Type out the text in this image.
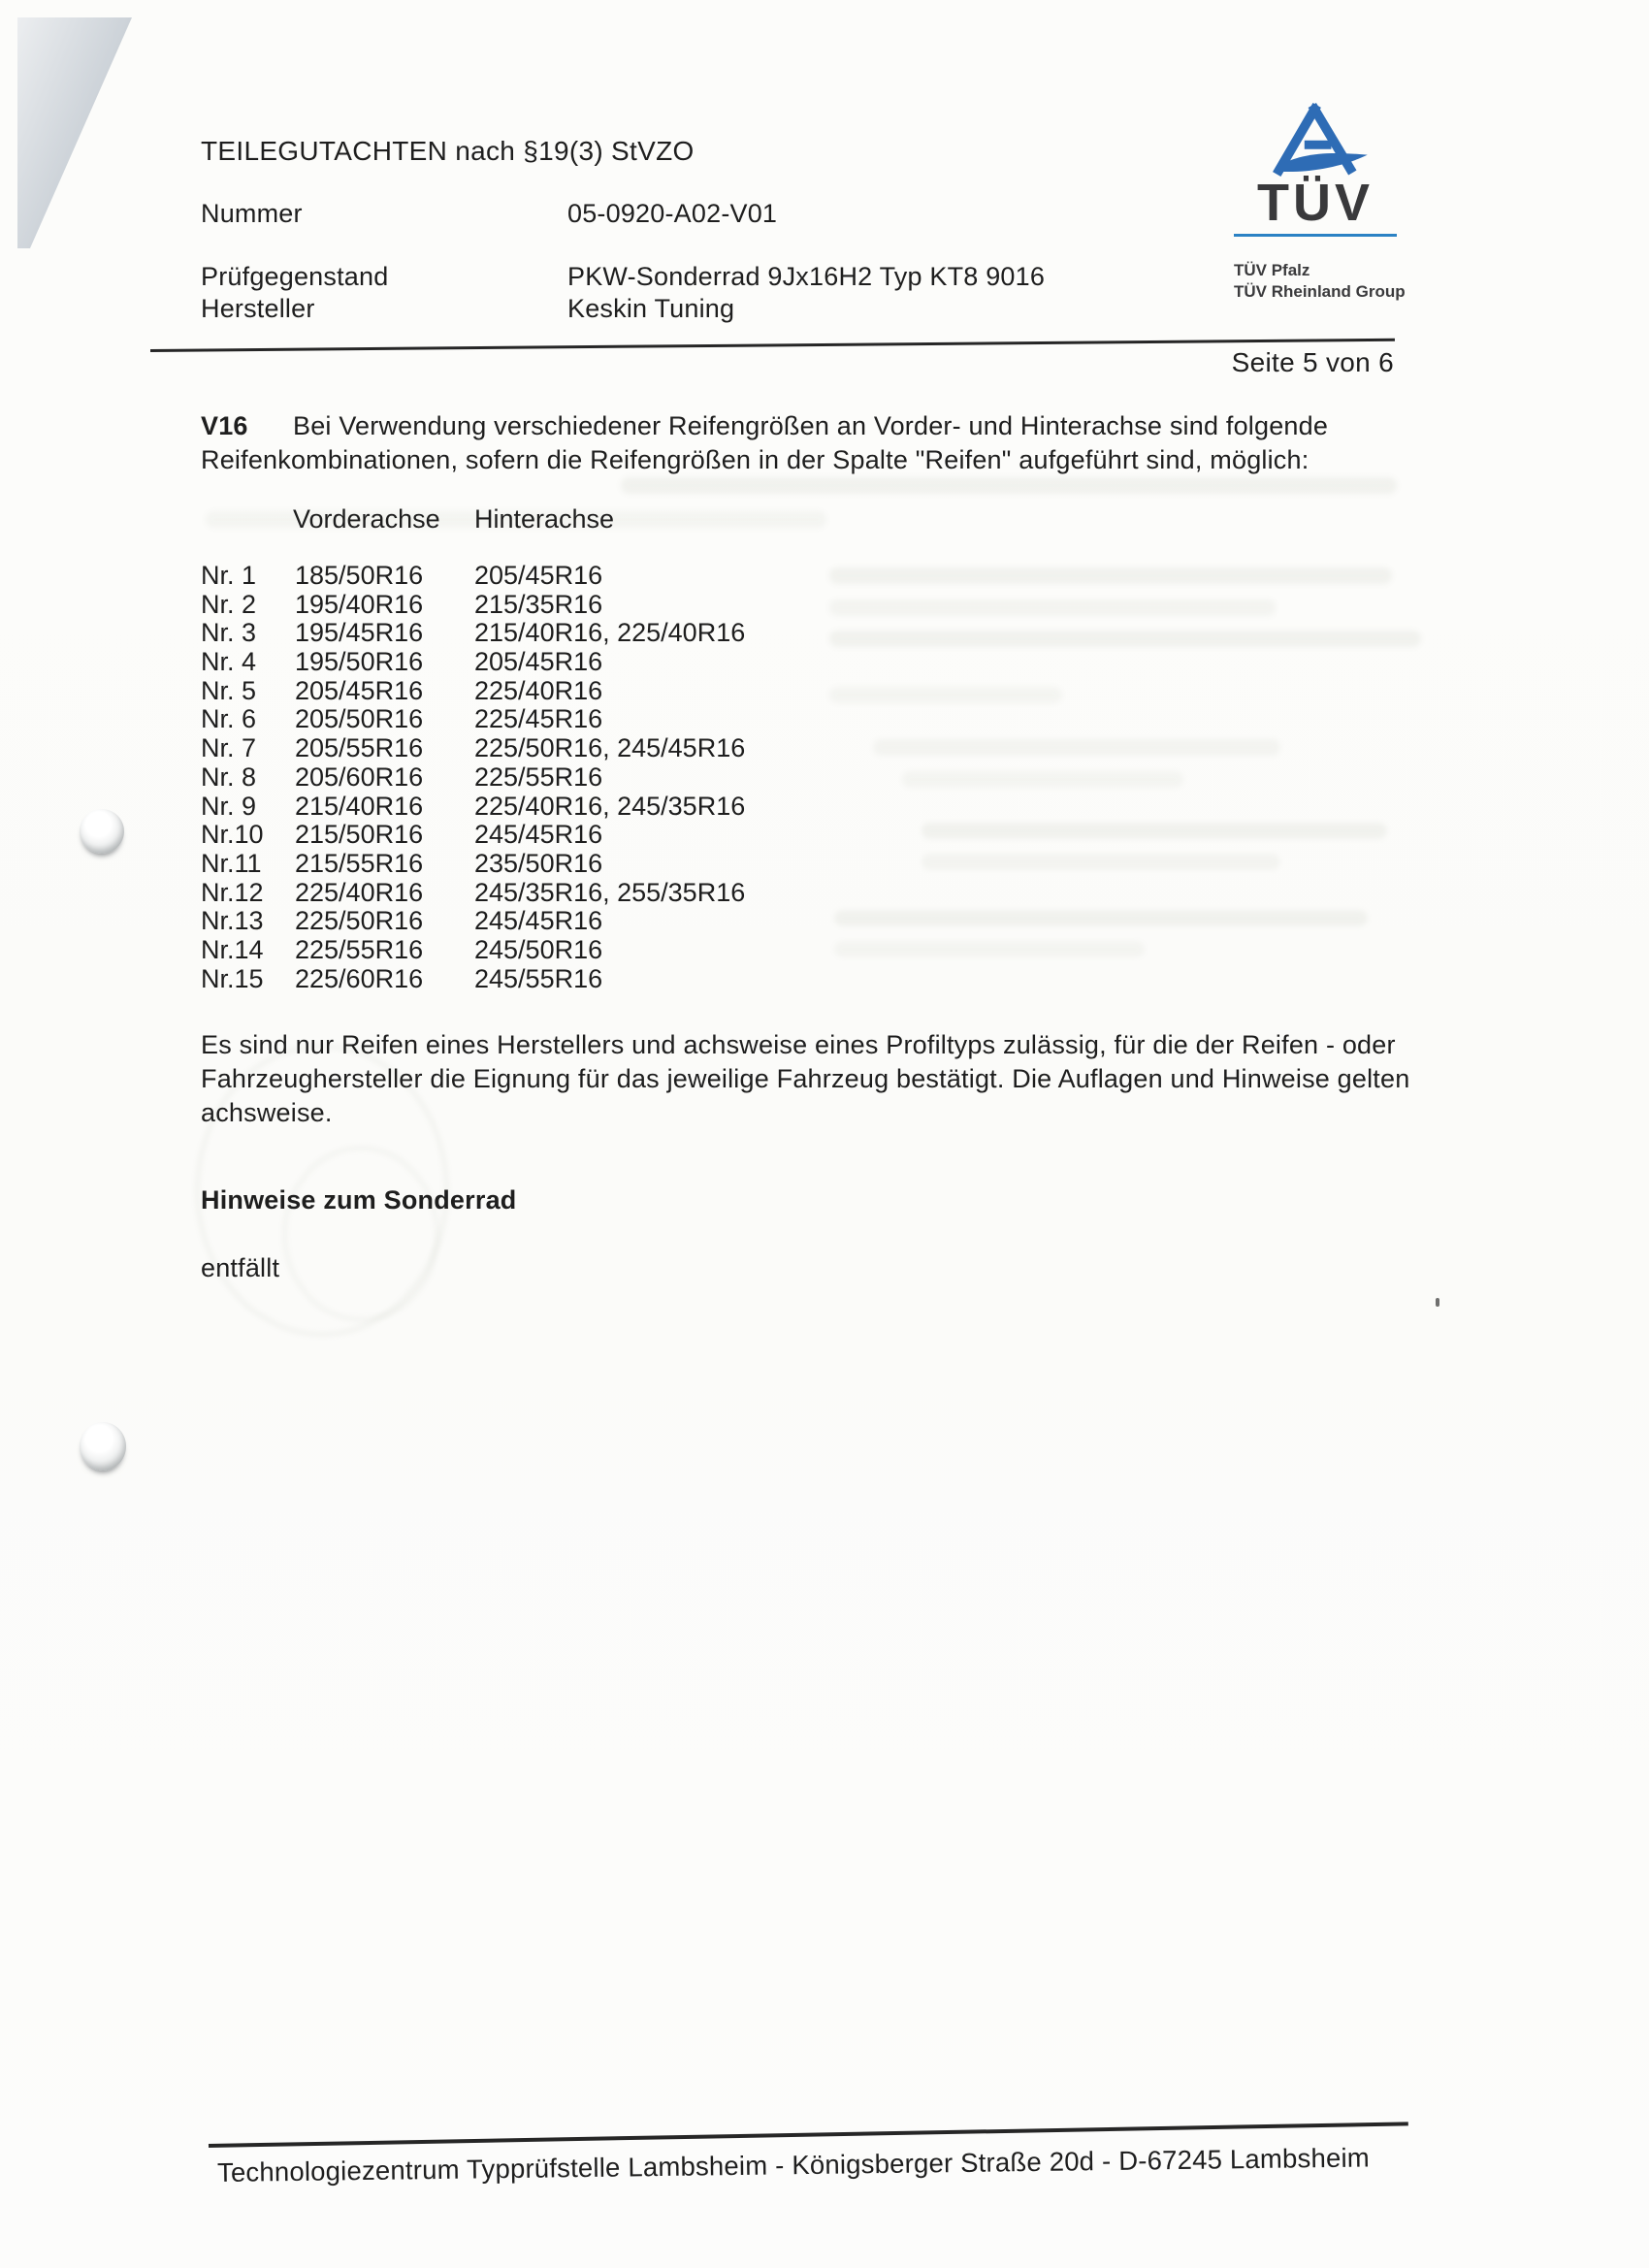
TEILEGUTACHTEN nach §19(3) StVZO
Nummer	05-0920-A02-V01
Prüfgegenstand	PKW-Sonderrad 9Jx16H2 Typ KT8 9016
Hersteller	Keskin Tuning
TÜV
TÜV Pfalz
TÜV Rheinland Group
Seite 5 von 6
V16 Bei Verwendung verschiedener Reifengrößen an Vorder- und Hinterachse sind folgende
Reifenkombinationen, sofern die Reifengrößen in der Spalte "Reifen" aufgeführt sind, möglich:
Vorderachse Hinterachse
Nr. 1 185/50R16 205/45R16
Nr. 2 195/40R16 215/35R16
Nr. 3 195/45R16 215/40R16, 225/40R16
Nr. 4 195/50R16 205/45R16
Nr. 5 205/45R16 225/40R16
Nr. 6 205/50R16 225/45R16
Nr. 7 205/55R16 225/50R16, 245/45R16
Nr. 8 205/60R16 225/55R16
Nr. 9 215/40R16 225/40R16, 245/35R16
Nr.10 215/50R16 245/45R16
Nr.11 215/55R16 235/50R16
Nr.12 225/40R16 245/35R16, 255/35R16
Nr.13 225/50R16 245/45R16
Nr.14 225/55R16 245/50R16
Nr.15 225/60R16 245/55R16
Es sind nur Reifen eines Herstellers und achsweise eines Profiltyps zulässig, für die der Reifen - oder
Fahrzeughersteller die Eignung für das jeweilige Fahrzeug bestätigt. Die Auflagen und Hinweise gelten
achsweise.
Hinweise zum Sonderrad
entfällt
Technologiezentrum Typprüfstelle Lambsheim - Königsberger Straße 20d - D-67245 Lambsheim
